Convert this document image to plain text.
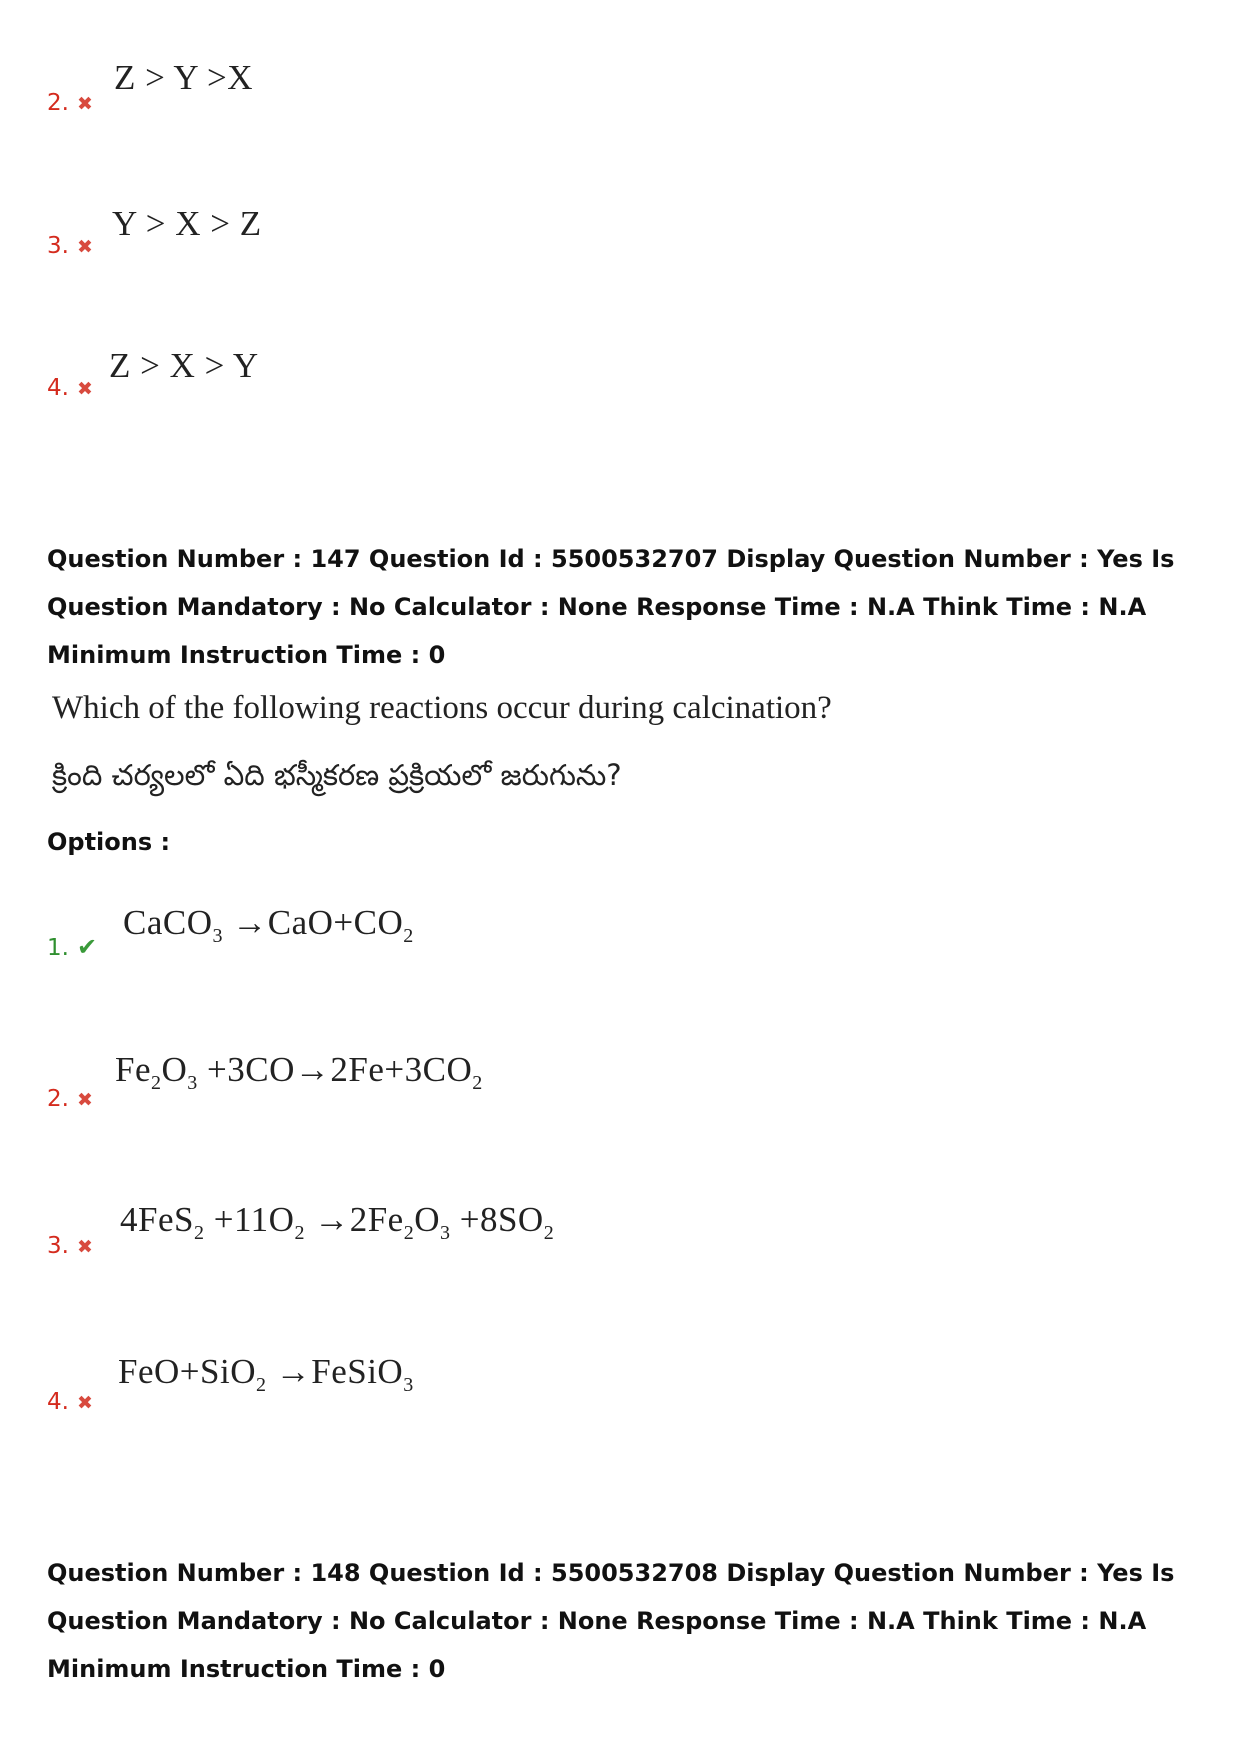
2. ✖
Z > Y >X
3. ✖
Y > X > Z
4. ✖
Z > X > Y
Question Number : 147 Question Id : 5500532707 Display Question Number : Yes Is Question Mandatory : No Calculator : None Response Time : N.A Think Time : N.A Minimum Instruction Time : 0
Which of the following reactions occur during calcination?
క్రింది చర్యలలో ఏది భస్మీకరణ ప్రక్రియలో జరుగును?
Options :
1. ✔
CaCO$_3$ $\to CaO+CO_2$
2. ✖
$Fe_2O_3 +3CO\to 2Fe+3CO_2$
3. ✖
$4FeS_2 +11O_2 \to 2Fe_2O_3 +8SO_2$
4. ✖
FeO+SiO$_2$ →FeSiO$_3$
Question Number : 148 Question Id : 5500532708 Display Question Number : Yes Is Question Mandatory : No Calculator : None Response Time : N.A Think Time : N.A Minimum Instruction Time : 0
